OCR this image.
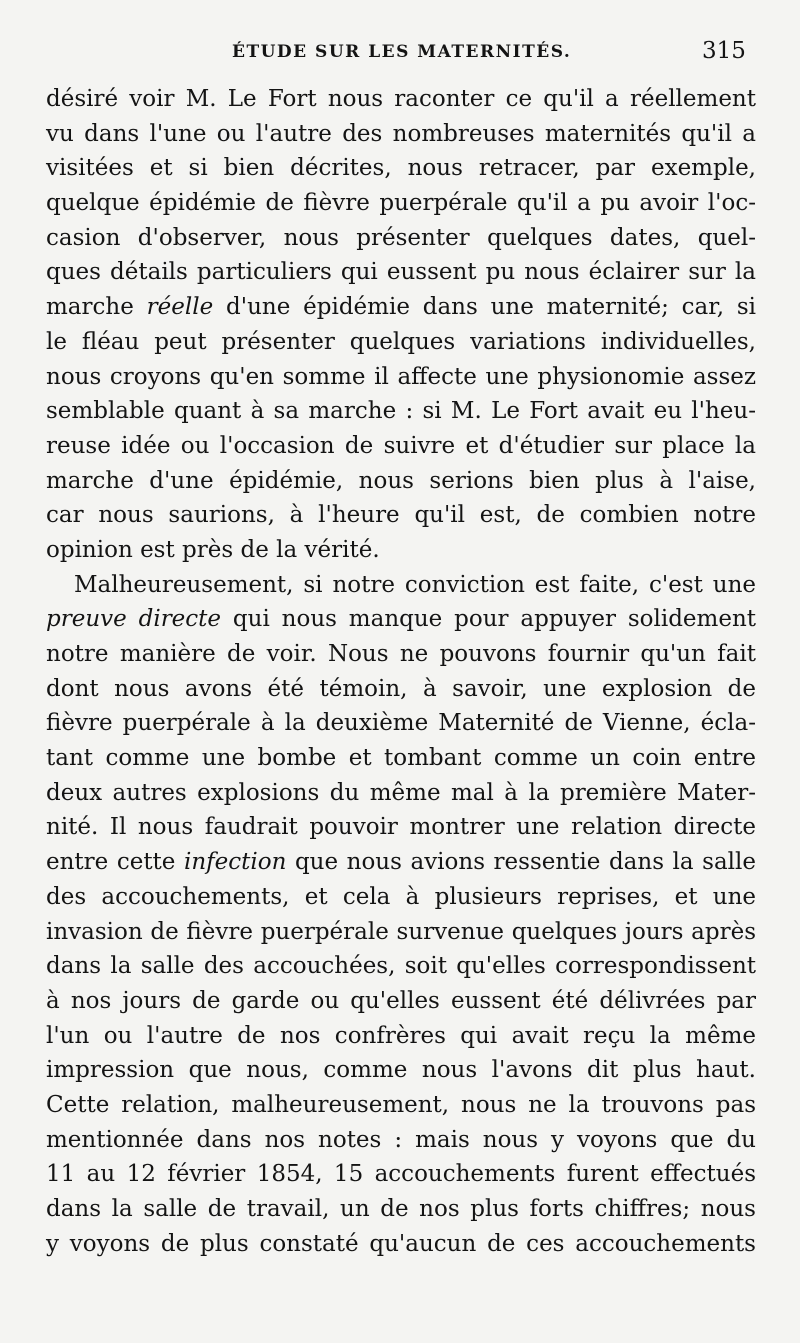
ÉTUDE SUR LES MATERNITÉS.	315
désiré voir M. Le Fort nous raconter ce qu'il a réellement
vu dans l'une ou l'autre des nombreuses maternités qu'il a
visitées et si bien décrites, nous retracer, par exemple,
quelque épidémie de fièvre puerpérale qu'il a pu avoir l'oc-
casion d'observer, nous présenter quelques dates, quel-
ques détails particuliers qui eussent pu nous éclairer sur la
marche réelle d'une épidémie dans une maternité; car, si
le fléau peut présenter quelques variations individuelles,
nous croyons qu'en somme il affecte une physionomie assez
semblable quant à sa marche : si M. Le Fort avait eu l'heu-
reuse idée ou l'occasion de suivre et d'étudier sur place la
marche d'une épidémie, nous serions bien plus à l'aise,
car nous saurions, à l'heure qu'il est, de combien notre
opinion est près de la vérité.
Malheureusement, si notre conviction est faite, c'est une
preuve directe qui nous manque pour appuyer solidement
notre manière de voir. Nous ne pouvons fournir qu'un fait
dont nous avons été témoin, à savoir, une explosion de
fièvre puerpérale à la deuxième Maternité de Vienne, écla-
tant comme une bombe et tombant comme un coin entre
deux autres explosions du même mal à la première Mater-
nité. Il nous faudrait pouvoir montrer une relation directe
entre cette infection que nous avions ressentie dans la salle
des accouchements, et cela à plusieurs reprises, et une
invasion de fièvre puerpérale survenue quelques jours après
dans la salle des accouchées, soit qu'elles correspondissent
à nos jours de garde ou qu'elles eussent été délivrées par
l'un ou l'autre de nos confrères qui avait reçu la même
impression que nous, comme nous l'avons dit plus haut.
Cette relation, malheureusement, nous ne la trouvons pas
mentionnée dans nos notes : mais nous y voyons que du
11 au 12 février 1854, 15 accouchements furent effectués
dans la salle de travail, un de nos plus forts chiffres; nous
y voyons de plus constaté qu'aucun de ces accouchements
